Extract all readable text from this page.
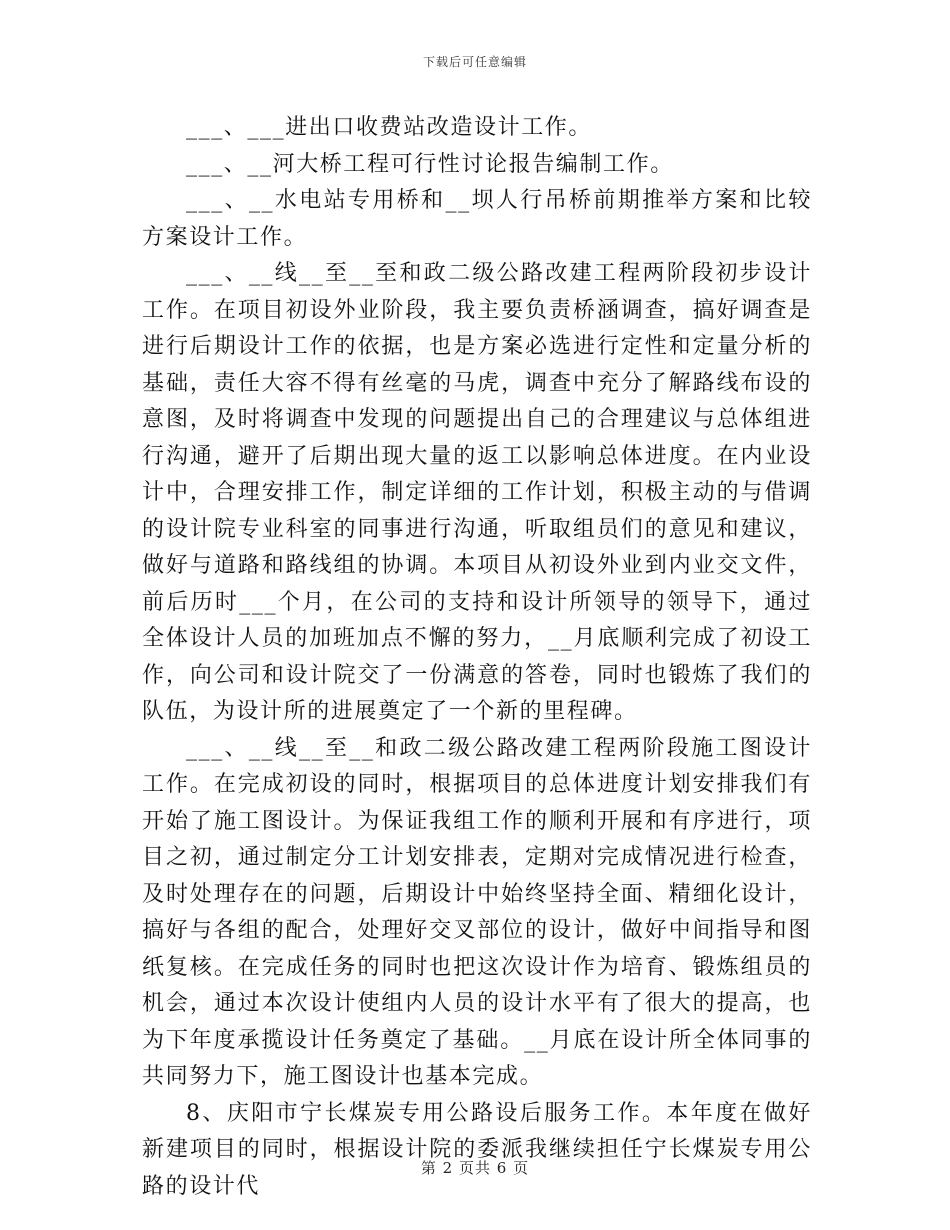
下载后可任意编辑

___、___进出口收费站改造设计工作。

___、__河大桥工程可行性讨论报告编制工作。

___、__水电站专用桥和__坝人行吊桥前期推举方案和比较方案设计工作。

___、__线__至__至和政二级公路改建工程两阶段初步设计工作。在项目初设外业阶段，我主要负责桥涵调查，搞好调查是进行后期设计工作的依据，也是方案必选进行定性和定量分析的基础，责任大容不得有丝毫的马虎，调查中充分了解路线布设的意图，及时将调查中发现的问题提出自己的合理建议与总体组进行沟通，避开了后期出现大量的返工以影响总体进度。在内业设计中，合理安排工作，制定详细的工作计划，积极主动的与借调的设计院专业科室的同事进行沟通，听取组员们的意见和建议，做好与道路和路线组的协调。本项目从初设外业到内业交文件，前后历时___个月，在公司的支持和设计所领导的领导下，通过全体设计人员的加班加点不懈的努力，__月底顺利完成了初设工作，向公司和设计院交了一份满意的答卷，同时也锻炼了我们的队伍，为设计所的进展奠定了一个新的里程碑。

___、__线__至__和政二级公路改建工程两阶段施工图设计工作。在完成初设的同时，根据项目的总体进度计划安排我们有开始了施工图设计。为保证我组工作的顺利开展和有序进行，项目之初，通过制定分工计划安排表，定期对完成情况进行检查，及时处理存在的问题，后期设计中始终坚持全面、精细化设计，搞好与各组的配合，处理好交叉部位的设计，做好中间指导和图纸复核。在完成任务的同时也把这次设计作为培育、锻炼组员的机会，通过本次设计使组内人员的设计水平有了很大的提高，也为下年度承揽设计任务奠定了基础。__月底在设计所全体同事的共同努力下，施工图设计也基本完成。

8、庆阳市宁长煤炭专用公路设后服务工作。本年度在做好新建项目的同时，根据设计院的委派我继续担任宁长煤炭专用公路的设计代

第 2 页共 6 页
